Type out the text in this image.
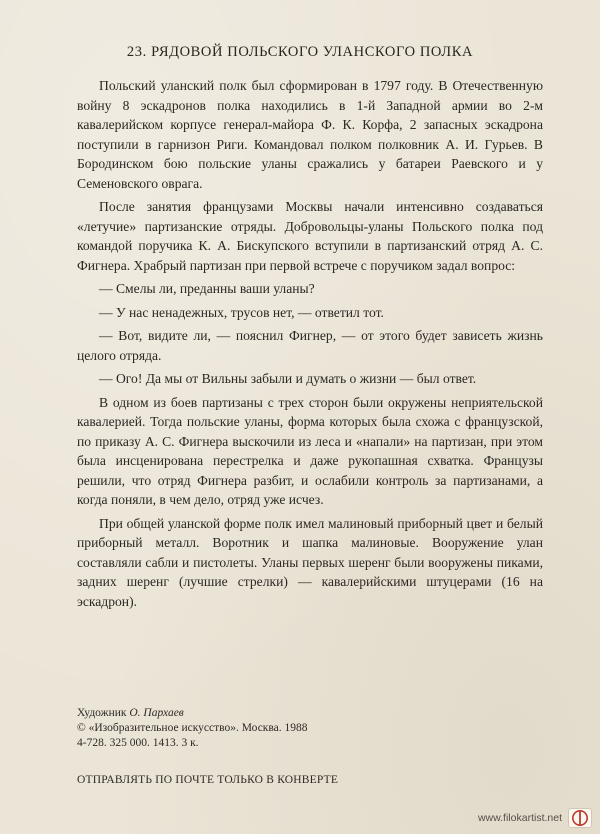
23. РЯДОВОЙ ПОЛЬСКОГО УЛАНСКОГО ПОЛКА

Польский уланский полк был сформирован в 1797 году. В Отечественную войну 8 эскадронов полка находились в 1-й Западной армии во 2-м кавалерийском корпусе генерал-майора Ф. К. Корфа, 2 запасных эскадрона поступили в гарнизон Риги. Командовал полком полковник А. И. Гурьев. В Бородинском бою польские уланы сражались у батареи Раевского и у Семеновского оврага.

После занятия французами Москвы начали интенсивно создаваться «летучие» партизанские отряды. Добровольцы-уланы Польского полка под командой поручика К. А. Бискупского вступили в партизанский отряд А. С. Фигнера. Храбрый партизан при первой встрече с поручиком задал вопрос:

— Смелы ли, преданны ваши уланы?

— У нас ненадежных, трусов нет, — ответил тот.

— Вот, видите ли, — пояснил Фигнер, — от этого будет зависеть жизнь целого отряда.

— Ого! Да мы от Вильны забыли и думать о жизни — был ответ.

В одном из боев партизаны с трех сторон были окружены неприятельской кавалерией. Тогда польские уланы, форма которых была схожа с французской, по приказу А. С. Фигнера выскочили из леса и «напали» на партизан, при этом была инсценирована перестрелка и даже рукопашная схватка. Французы решили, что отряд Фигнера разбит, и ослабили контроль за партизанами, а когда поняли, в чем дело, отряд уже исчез.

При общей уланской форме полк имел малиновый приборный цвет и белый приборный металл. Воротник и шапка малиновые. Вооружение улан составляли сабли и пистолеты. Уланы первых шеренг были вооружены пиками, задних шеренг (лучшие стрелки) — кавалерийскими штуцерами (16 на эскадрон).

Художник О. Пархаев
© «Изобразительное искусство». Москва. 1988
4-728. 325 000. 1413. 3 к.
ОТПРАВЛЯТЬ ПО ПОЧТЕ ТОЛЬКО В КОНВЕРТЕ
www.filokartist.net
